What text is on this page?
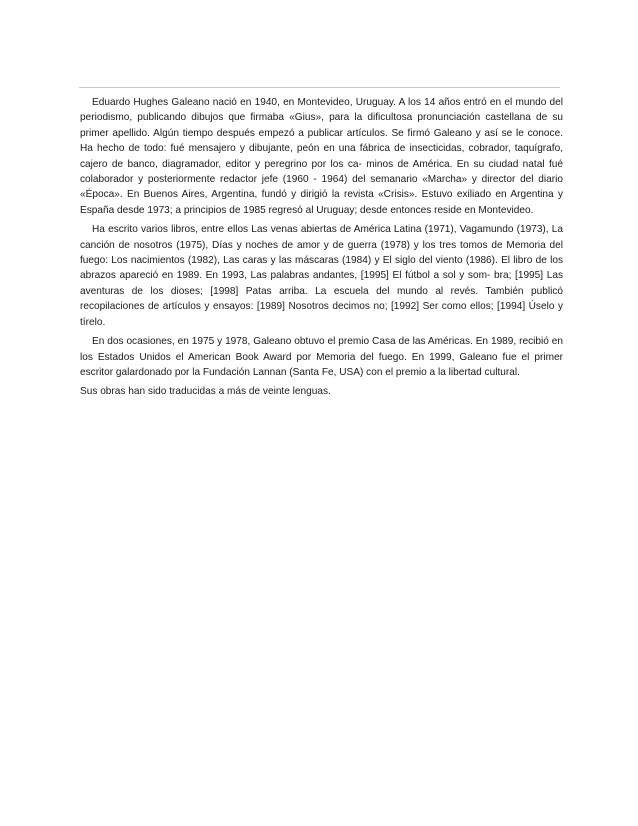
Eduardo Hughes Galeano nació en 1940, en Montevideo, Uruguay. A los 14 años entró en el mundo del periodismo, publicando dibujos que firmaba «Gius», para la dificultosa pronunciación castellana de su primer apellido. Algún tiempo después empezó a publicar artículos. Se firmó Galeano y así se le conoce. Ha hecho de todo: fué mensajero y dibujante, peón en una fábrica de insecticidas, cobrador, taquígrafo, cajero de banco, diagramador, editor y peregrino por los ca- minos de América. En su ciudad natal fué colaborador y posteriormente redactor jefe (1960 - 1964) del semanario «Marcha» y director del diario «Época». En Buenos Aires, Argentina, fundó y dirigió la revista «Crisis». Estuvo exiliado en Argentina y España desde 1973; a principios de 1985 regresó al Uruguay; desde entonces reside en Montevideo.

Ha escrito varios libros, entre ellos Las venas abiertas de América Latina (1971), Vagamundo (1973), La canción de nosotros (1975), Días y noches de amor y de guerra (1978) y los tres tomos de Memoria del fuego: Los nacimientos (1982), Las caras y las máscaras (1984) y El siglo del viento (1986). El libro de los abrazos apareció en 1989. En 1993, Las palabras andantes, [1995] El fútbol a sol y som- bra; [1995] Las aventuras de los dioses; [1998] Patas arriba. La escuela del mundo al revés. También publicó recopilaciones de artículos y ensayos: [1989] Nosotros decimos no; [1992] Ser como ellos; [1994] Úselo y tírelo.

En dos ocasiones, en 1975 y 1978, Galeano obtuvo el premio Casa de las Américas. En 1989, recibió en los Estados Unidos el American Book Award por Memoria del fuego. En 1999, Galeano fue el primer escritor galardonado por la Fundación Lannan (Santa Fe, USA) con el premio a la libertad cultural.

Sus obras han sido traducidas a más de veinte lenguas.
